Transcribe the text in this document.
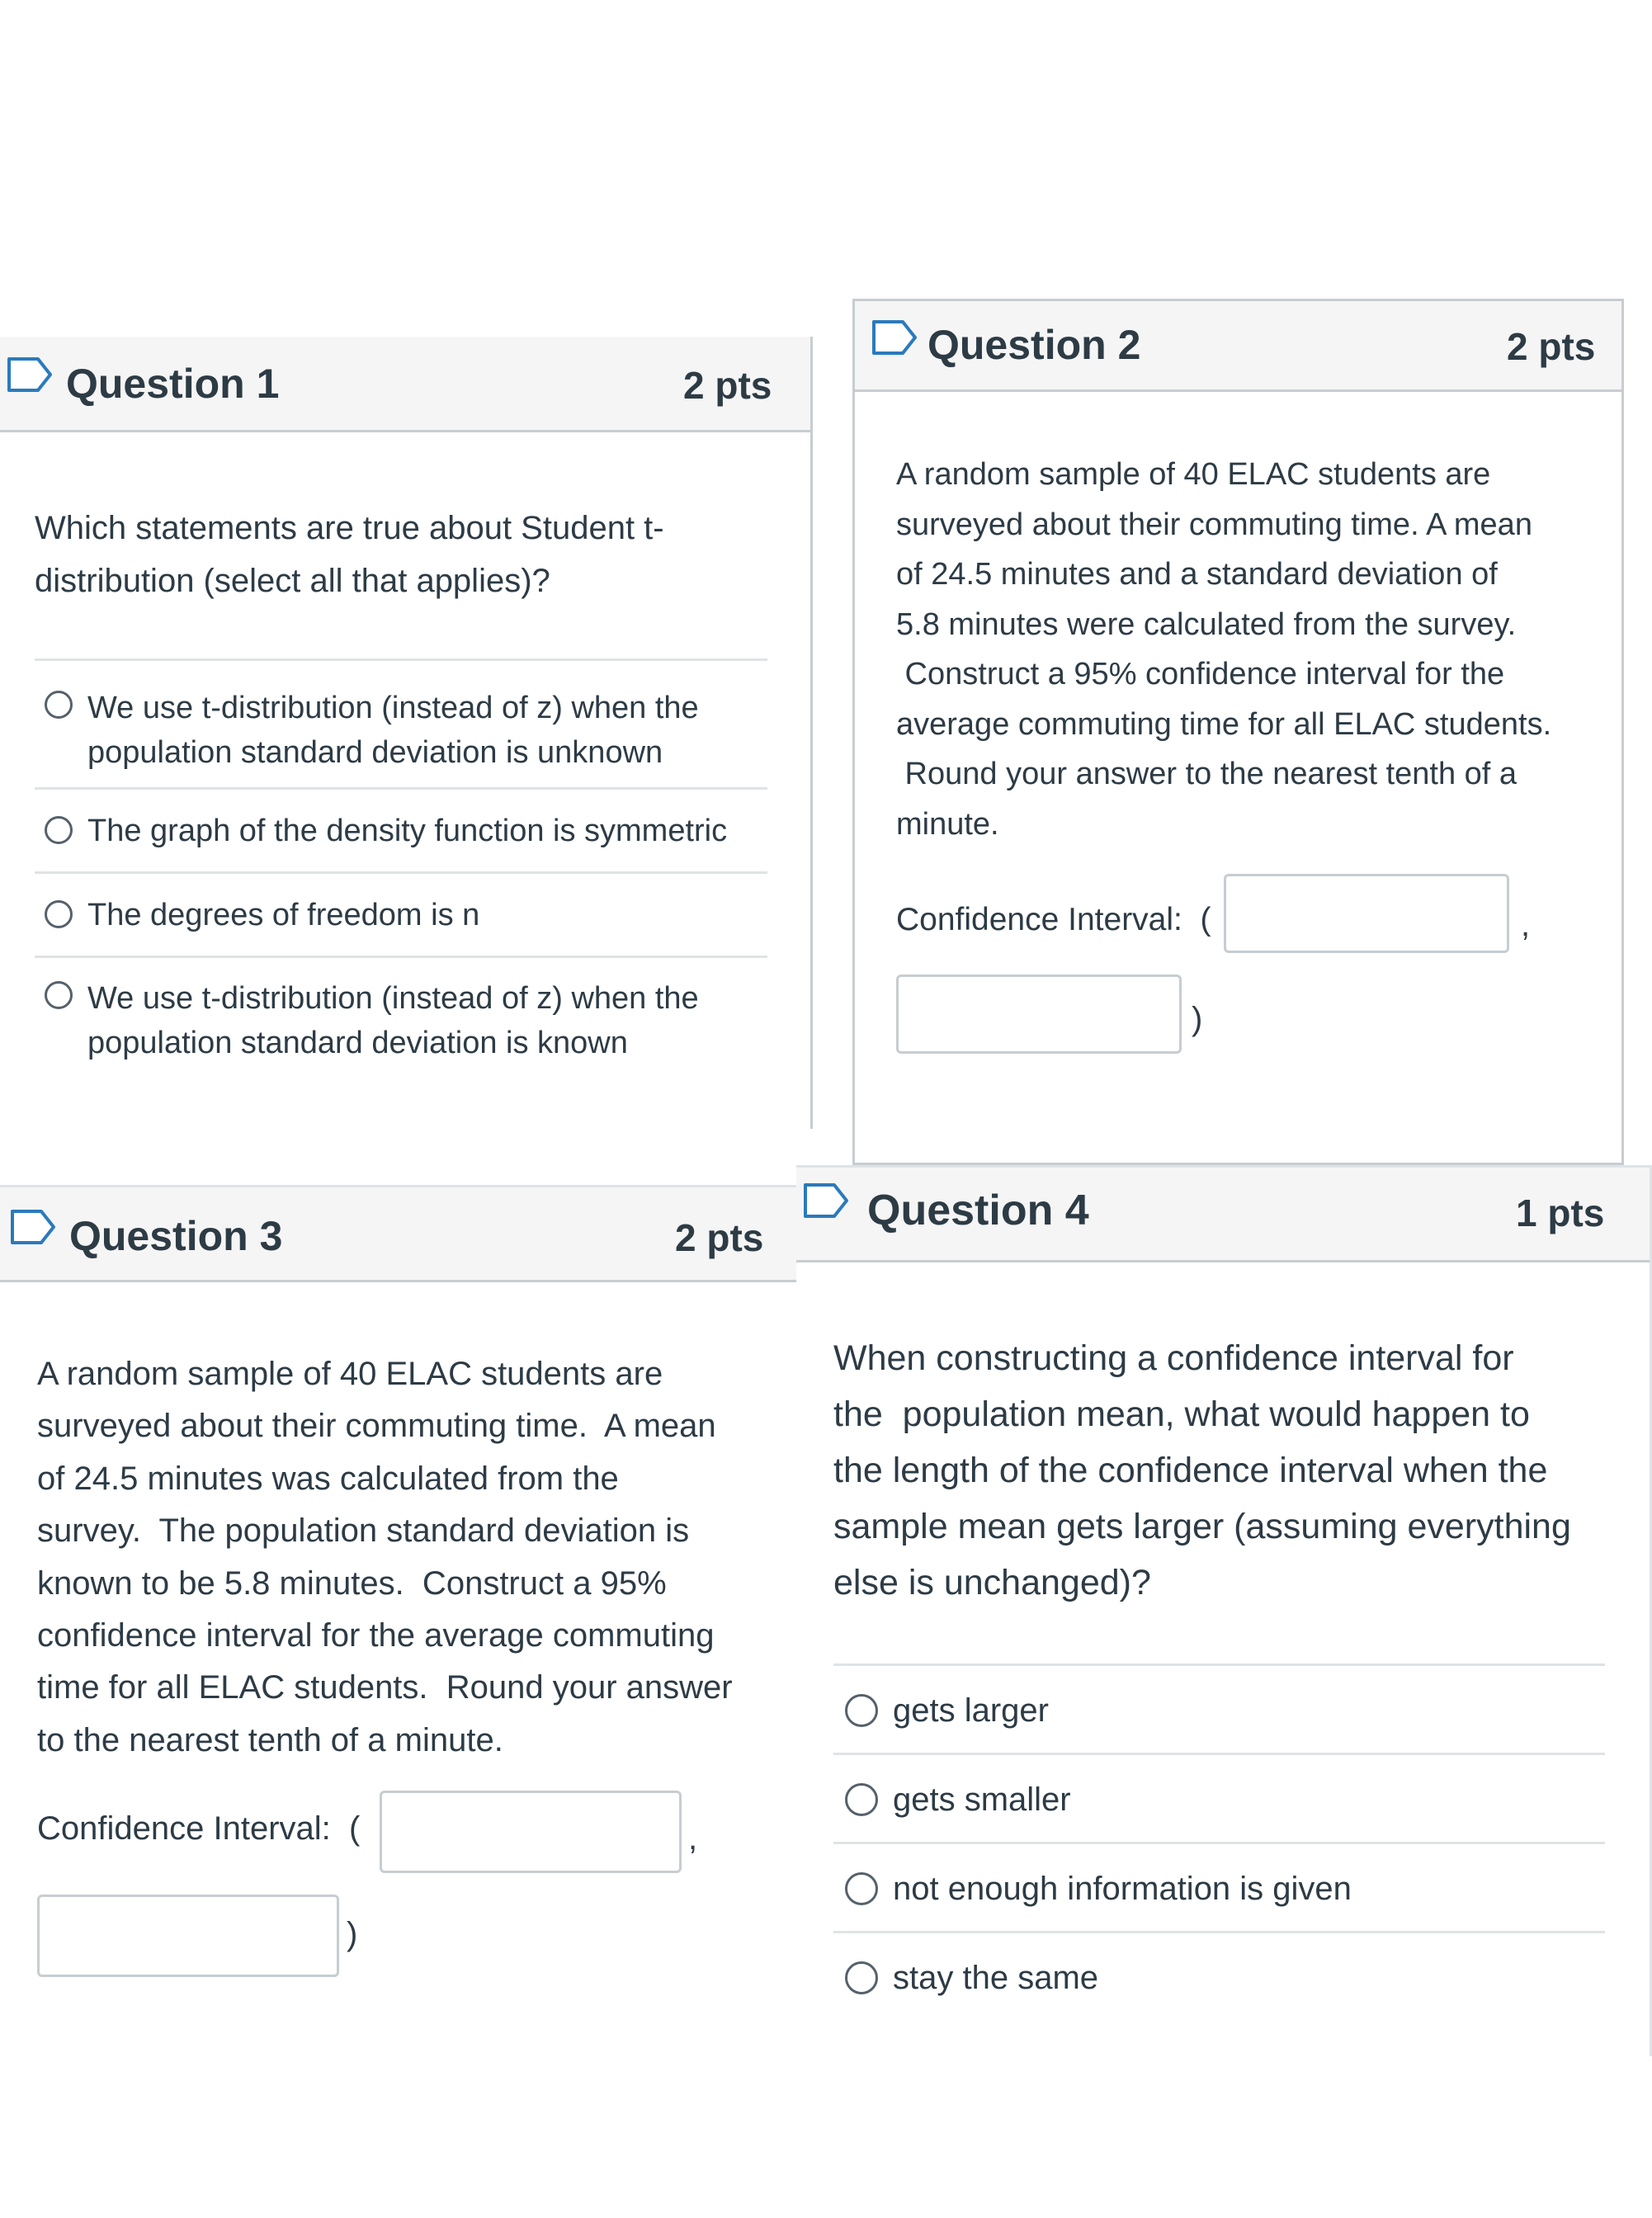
Question 1	2 pts

Which statements are true about Student t-

distribution (select all that applies)?

We use t-distribution (instead of z) when the
population standard deviation is unknown
The graph of the density function is symmetric
The degrees of freedom is n
We use t-distribution (instead of z) when the
population standard deviation is known
Question 2	2 pts

A random sample of 40 ELAC students are

surveyed about their commuting time. A mean

of 24.5 minutes and a standard deviation of

5.8 minutes were calculated from the survey.

Construct a 95% confidence interval for the

average commuting time for all ELAC students.

Round your answer to the nearest tenth of a

minute.

Confidence Interval:  (	,
)
Question 3	2 pts

A random sample of 40 ELAC students are

surveyed about their commuting time.  A mean

of 24.5 minutes was calculated from the

survey.  The population standard deviation is

known to be 5.8 minutes.  Construct a 95%

confidence interval for the average commuting

time for all ELAC students.  Round your answer

to the nearest tenth of a minute.

Confidence Interval:  (	,
)
Question 4	1 pts

When constructing a confidence interval for

the  population mean, what would happen to

the length of the confidence interval when the

sample mean gets larger (assuming everything

else is unchanged)?

gets larger
gets smaller
not enough information is given
stay the same
